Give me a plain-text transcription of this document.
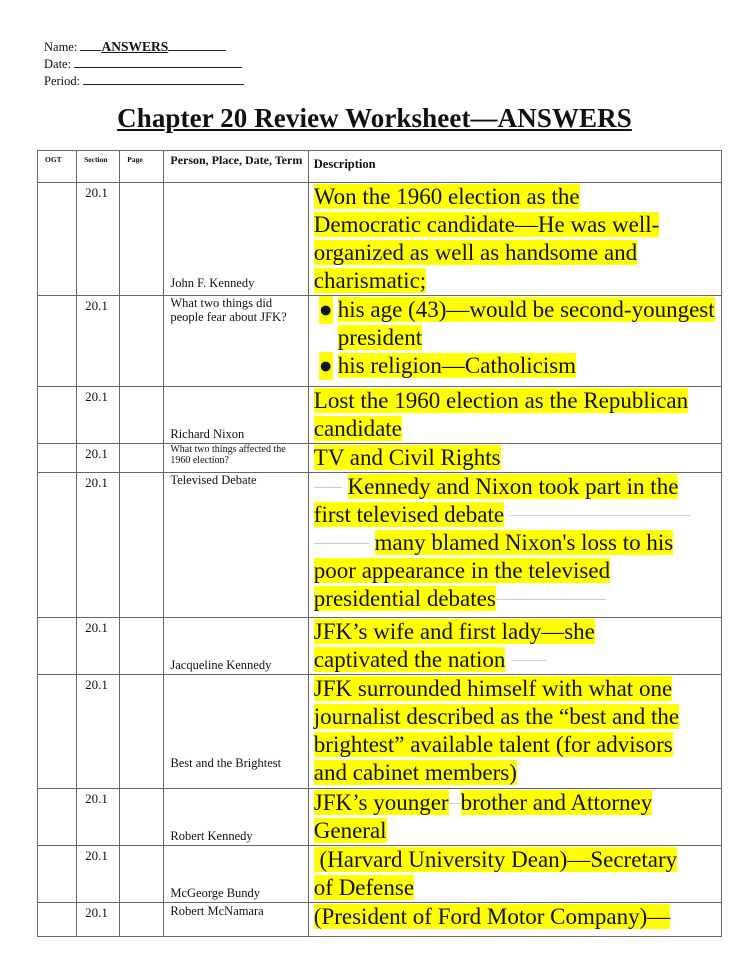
Name: ANSWERS
Date:
Period:
Chapter 20 Review Worksheet—ANSWERS
OGT	Section	Page	Person, Place, Date, Term	Description
	20.1		John F. Kennedy	Won the 1960 election as the
Democratic candidate—He was well-
organized as well as handsome and
charismatic;
	20.1		What two things did people fear about JFK?	● his age (43)—would be second-youngest president
● his religion—Catholicism

	20.1		Richard Nixon	Lost the 1960 election as the Republican
candidate
	20.1		What two things affected the 1960 election?	TV and Civil Rights
	20.1		Televised Debate	Kennedy and Nixon took part in the
first televised debate
many blamed Nixon's loss to his
poor appearance in the televised
presidential debates
	20.1		Jacqueline Kennedy	JFK’s wife and first lady—she
captivated the nation
	20.1		Best and the Brightest	JFK surrounded himself with what one
journalist described as the “best and the
brightest” available talent (for advisors
and cabinet members)
	20.1		Robert Kennedy	JFK’s younger brother and Attorney
General
	20.1		McGeorge Bundy	(Harvard University Dean)—Secretary
of Defense
	20.1		Robert McNamara	(President of Ford Motor Company)—
